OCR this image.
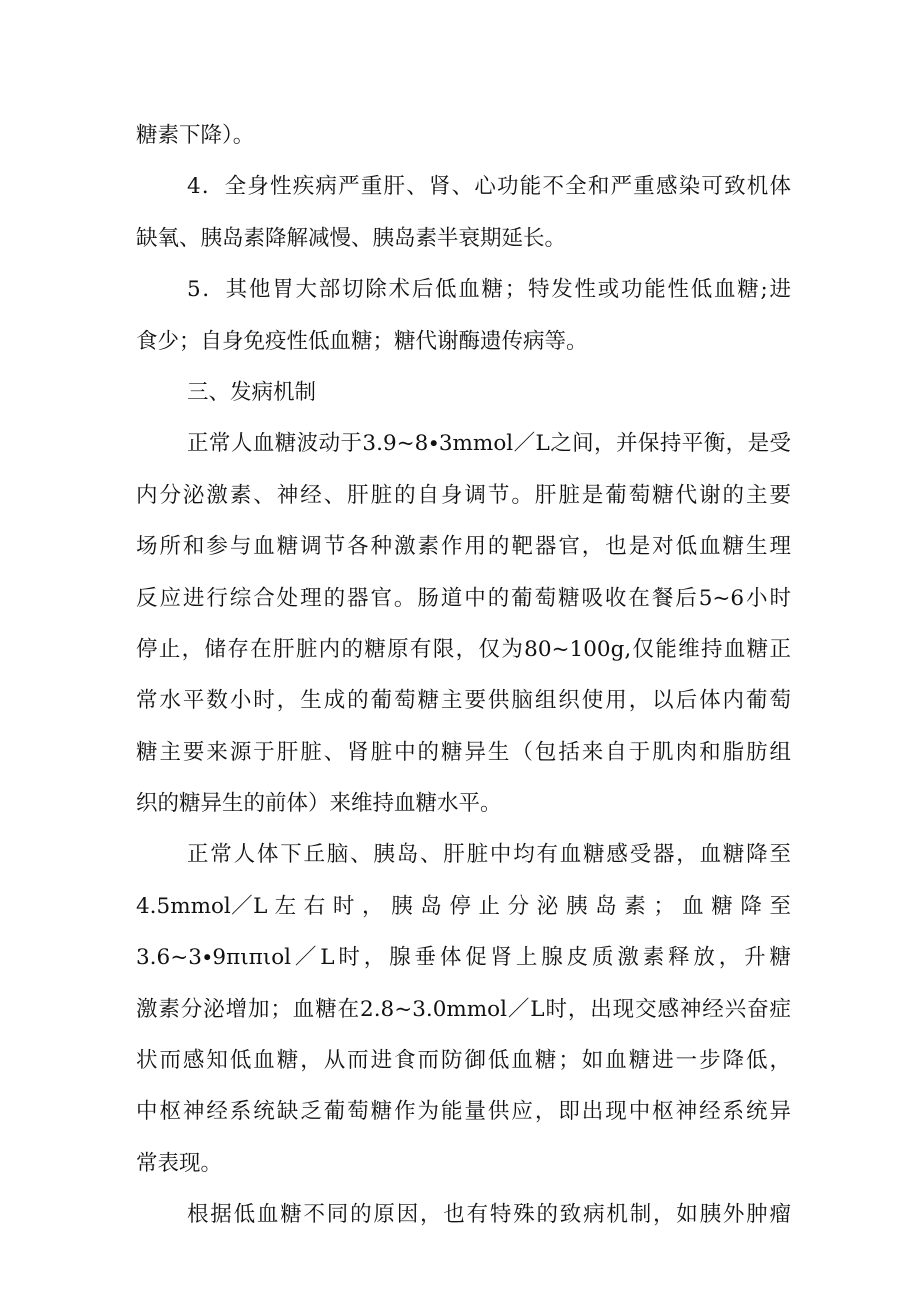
糖素下降）。
4．全身性疾病严重肝、肾、心功能不全和严重感染可致机体
缺氧、胰岛素降解减慢、胰岛素半衰期延长。
5．其他胃大部切除术后低血糖；特发性或功能性低血糖;进
食少；自身免疫性低血糖；糖代谢酶遗传病等。
三、发病机制
正常人血糖波动于3.9~8∙3mmol／L之间，并保持平衡，是受
内分泌激素、神经、肝脏的自身调节。肝脏是葡萄糖代谢的主要
场所和参与血糖调节各种激素作用的靶器官，也是对低血糖生理
反应进行综合处理的器官。肠道中的葡萄糖吸收在餐后5~6小时
停止，储存在肝脏内的糖原有限，仅为80~100g,仅能维持血糖正
常水平数小时，生成的葡萄糖主要供脑组织使用，以后体内葡萄
糖主要来源于肝脏、肾脏中的糖异生（包括来自于肌肉和脂肪组
织的糖异生的前体）来维持血糖水平。
正常人体下丘脑、胰岛、肝脏中均有血糖感受器，血糖降至
4.5mmol／L 左 右 时 ， 胰 岛 停 止 分 泌 胰 岛 素 ； 血 糖 降 至
3.6~3∙9πιπιol／L时，腺垂体促肾上腺皮质激素释放，升糖
激素分泌增加；血糖在2.8~3.0mmol／L时，出现交感神经兴奋症
状而感知低血糖，从而进食而防御低血糖；如血糖进一步降低，
中枢神经系统缺乏葡萄糖作为能量供应，即出现中枢神经系统异
常表现。
根据低血糖不同的原因，也有特殊的致病机制，如胰外肿瘤
